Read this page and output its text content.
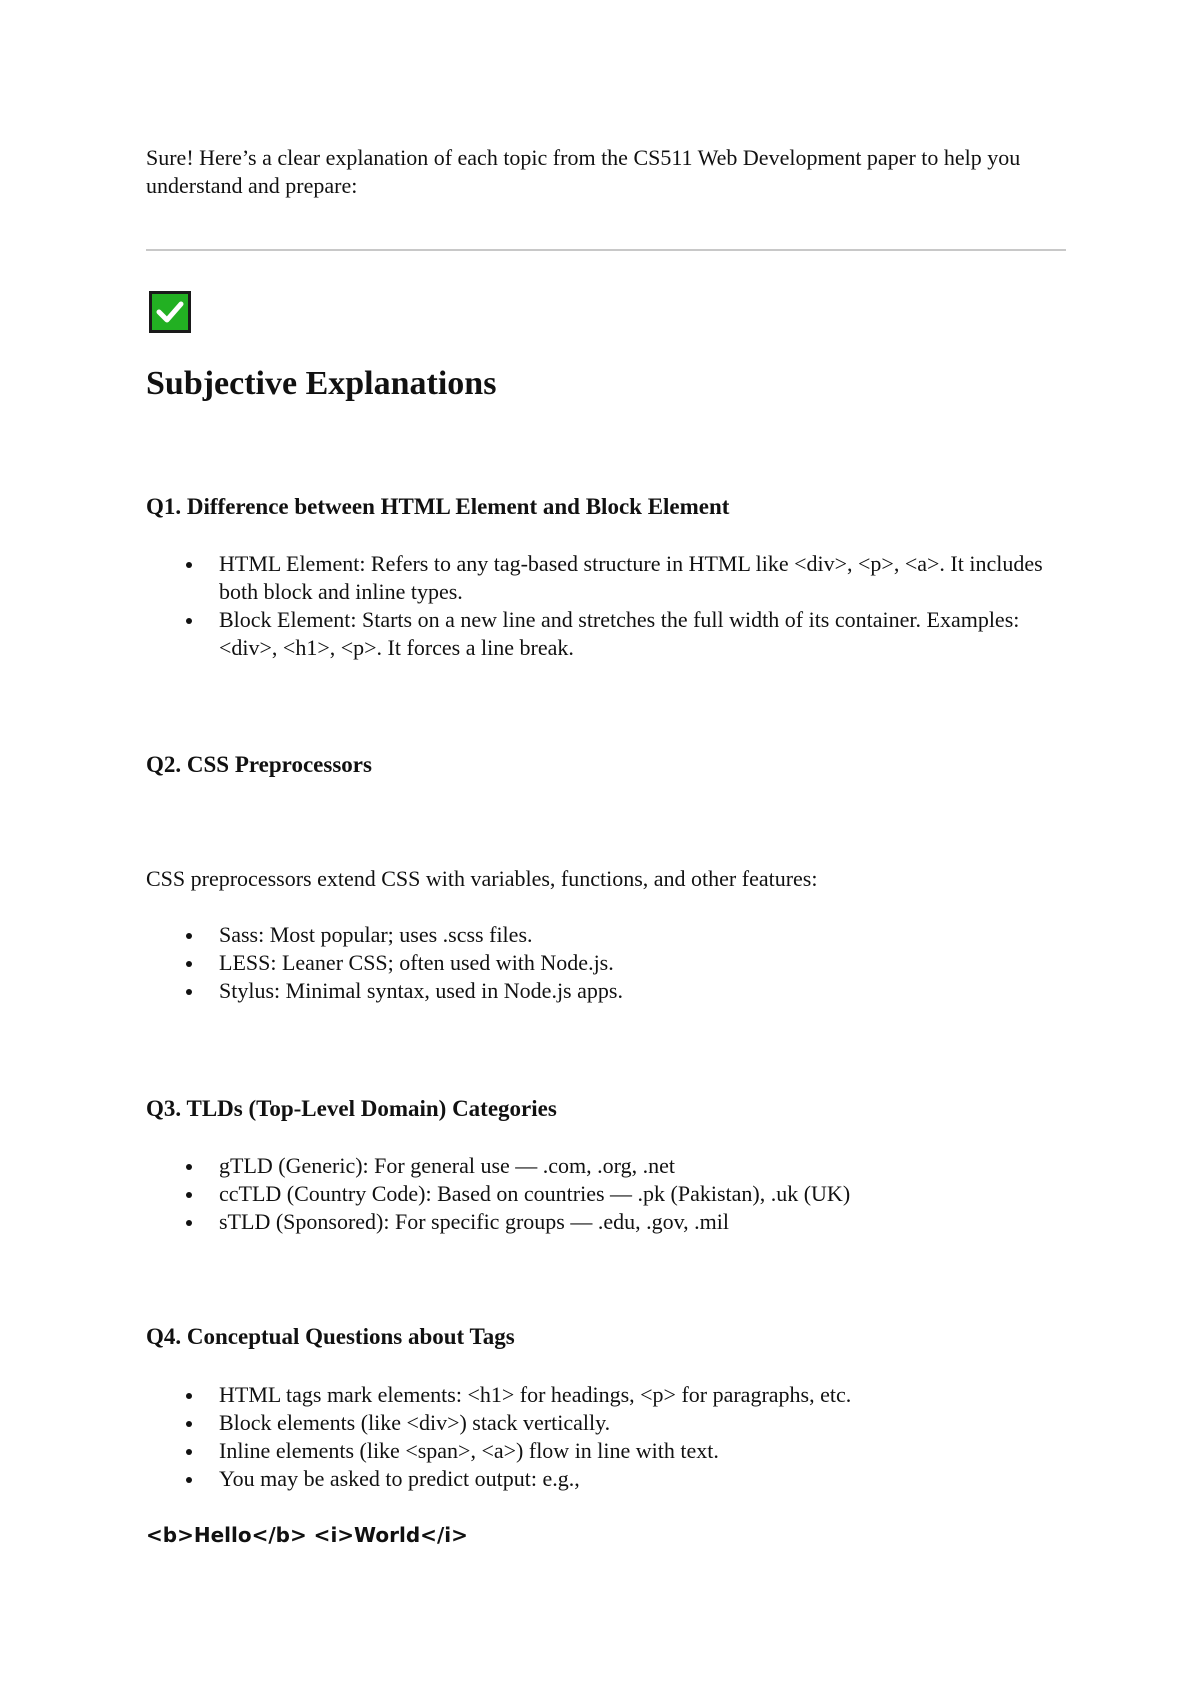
Sure! Here’s a clear explanation of each topic from the CS511 Web Development paper to help you understand and prepare:

Subjective Explanations
Q1. Difference between HTML Element and Block Element
HTML Element: Refers to any tag-based structure in HTML like <div>, <p>, <a>. It includes both block and inline types.
Block Element: Starts on a new line and stretches the full width of its container. Examples: <div>, <h1>, <p>. It forces a line break.
Q2. CSS Preprocessors

CSS preprocessors extend CSS with variables, functions, and other features:

Sass: Most popular; uses .scss files.
LESS: Leaner CSS; often used with Node.js.
Stylus: Minimal syntax, used in Node.js apps.
Q3. TLDs (Top-Level Domain) Categories
gTLD (Generic): For general use — .com, .org, .net
ccTLD (Country Code): Based on countries — .pk (Pakistan), .uk (UK)
sTLD (Sponsored): For specific groups — .edu, .gov, .mil
Q4. Conceptual Questions about Tags
HTML tags mark elements: <h1> for headings, <p> for paragraphs, etc.
Block elements (like <div>) stack vertically.
Inline elements (like <span>, <a>) flow in line with text.
You may be asked to predict output: e.g.,

<b>Hello</b> <i>World</i>
